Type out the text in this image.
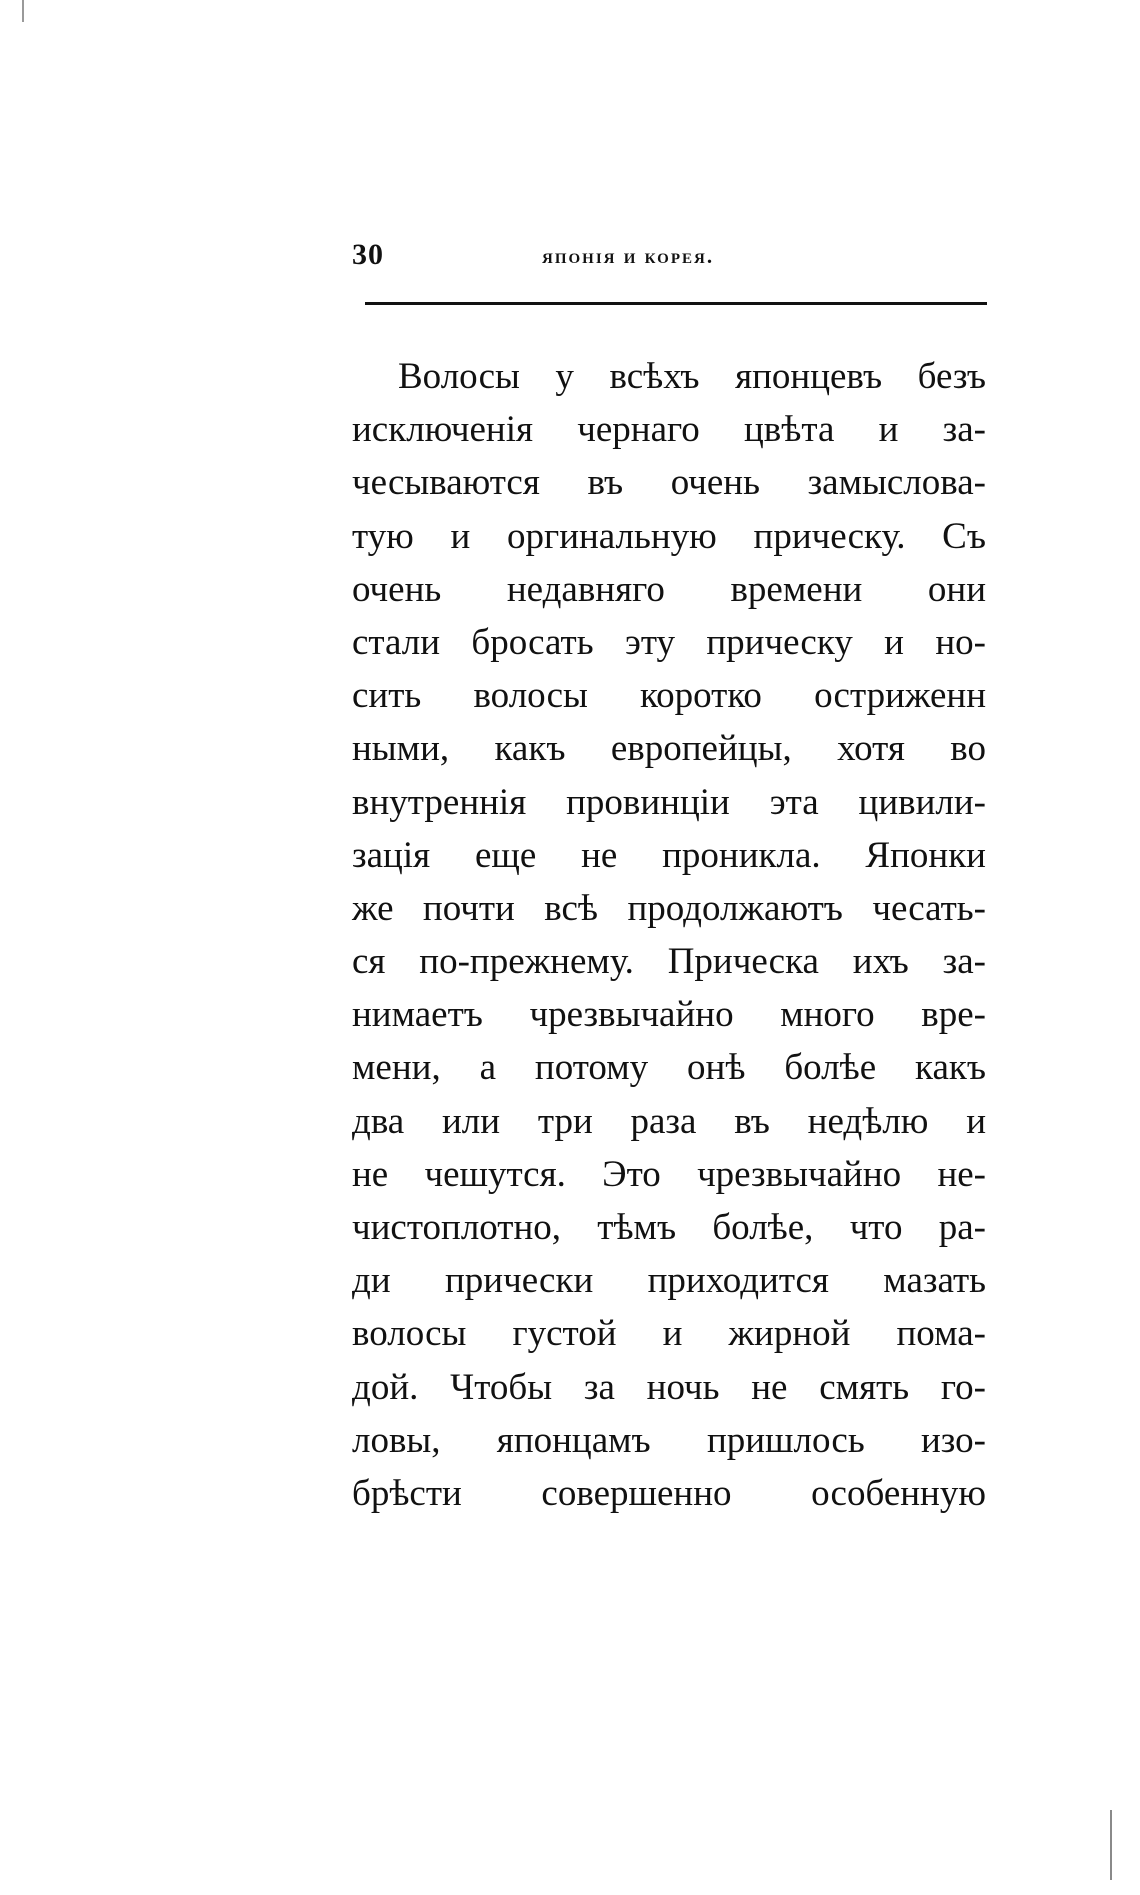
30	японія и корея.
Волосы у всѣхъ японцевъ безъ
исключенія чернаго цвѣта и за-
чесываются въ очень замыслова-
тую и оргинальную прическу. Съ
очень недавняго времени они
стали бросать эту прическу и но-
сить волосы коротко остриженн
ными, какъ европейцы, хотя во
внутреннія провинціи эта цивили-
зація еще не проникла. Японки
же почти всѣ продолжаютъ чесать-
ся по-прежнему. Прическа ихъ за-
нимаетъ чрезвычайно много вре-
мени, а потому онѣ болѣе какъ
два или три раза въ недѣлю и
не чешутся. Это чрезвычайно не-
чистоплотно, тѣмъ болѣе, что ра-
ди прически приходится мазать
волосы густой и жирной пома-
дой. Чтобы за ночь не смять го-
ловы, японцамъ пришлось изо-
брѣсти совершенно особенную
